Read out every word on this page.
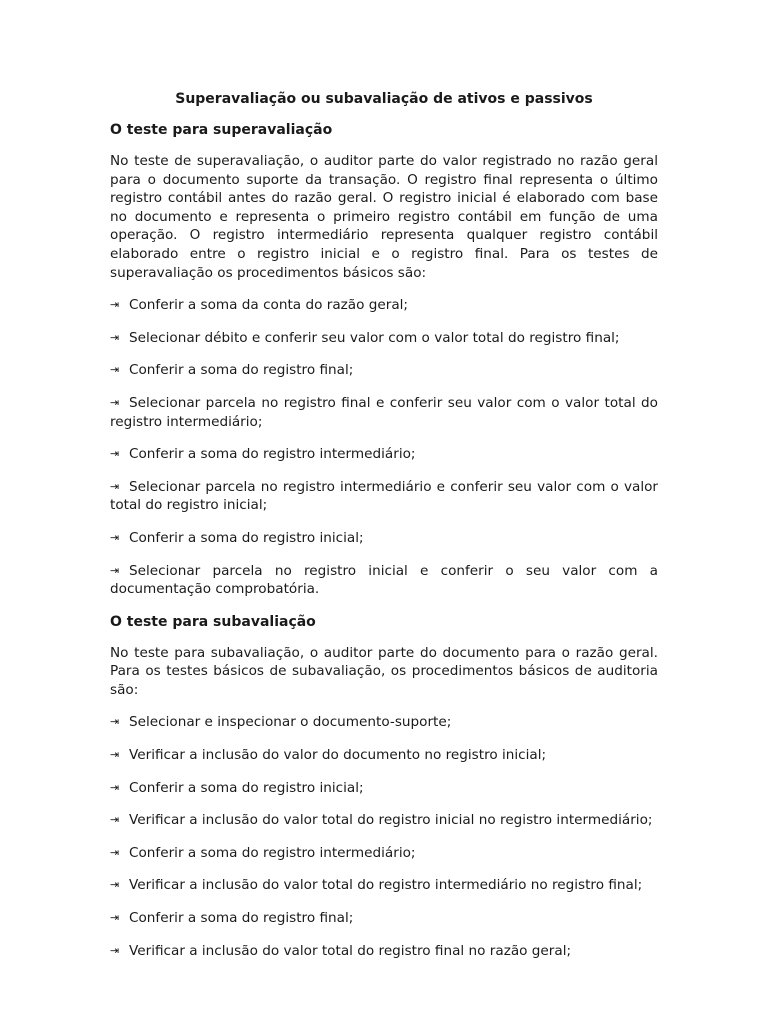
Superavaliação ou subavaliação de ativos e passivos
O teste para superavaliação
No teste de superavaliação, o auditor parte do valor registrado no razão geral para o documento suporte da transação. O registro final representa o último registro contábil antes do razão geral. O registro inicial é elaborado com base no documento e representa o primeiro registro contábil em função de uma operação. O registro intermediário representa qualquer registro contábil elaborado entre o registro inicial e o registro final. Para os testes de superavaliação os procedimentos básicos são:
⇥ Conferir a soma da conta do razão geral;
⇥ Selecionar débito e conferir seu valor com o valor total do registro final;
⇥ Conferir a soma do registro final;
⇥ Selecionar parcela no registro final e conferir seu valor com o valor total do registro intermediário;
⇥ Conferir a soma do registro intermediário;
⇥ Selecionar parcela no registro intermediário e conferir seu valor com o valor total do registro inicial;
⇥ Conferir a soma do registro inicial;
⇥ Selecionar parcela no registro inicial e conferir o seu valor com a documentação comprobatória.
O teste para subavaliação
No teste para subavaliação, o auditor parte do documento para o razão geral. Para os testes básicos de subavaliação, os procedimentos básicos de auditoria são:
⇥ Selecionar e inspecionar o documento-suporte;
⇥ Verificar a inclusão do valor do documento no registro inicial;
⇥ Conferir a soma do registro inicial;
⇥ Verificar a inclusão do valor total do registro inicial no registro intermediário;
⇥ Conferir a soma do registro intermediário;
⇥ Verificar a inclusão do valor total do registro intermediário no registro final;
⇥ Conferir a soma do registro final;
⇥ Verificar a inclusão do valor total do registro final no razão geral;
